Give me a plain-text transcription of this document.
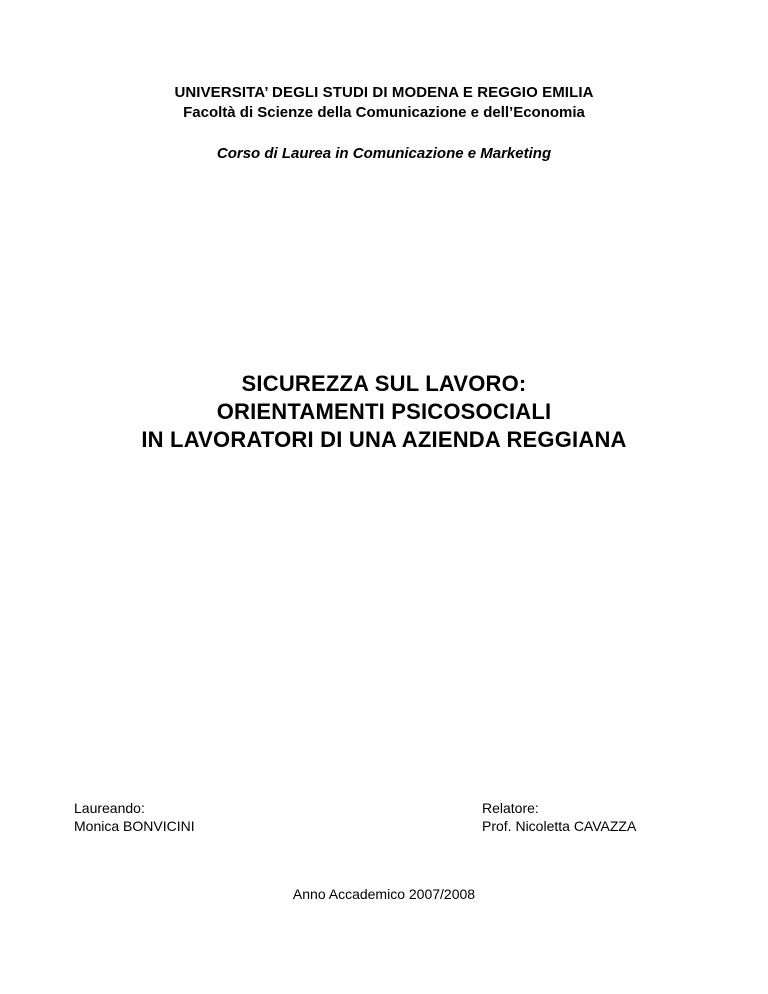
UNIVERSITA’ DEGLI STUDI DI MODENA E REGGIO EMILIA
Facoltà di Scienze della Comunicazione e dell’Economia
Corso di Laurea in Comunicazione e Marketing
SICUREZZA SUL LAVORO:
ORIENTAMENTI PSICOSOCIALI
IN LAVORATORI DI UNA AZIENDA REGGIANA
Laureando:
Monica BONVICINI
Relatore:
Prof. Nicoletta CAVAZZA
Anno Accademico 2007/2008
